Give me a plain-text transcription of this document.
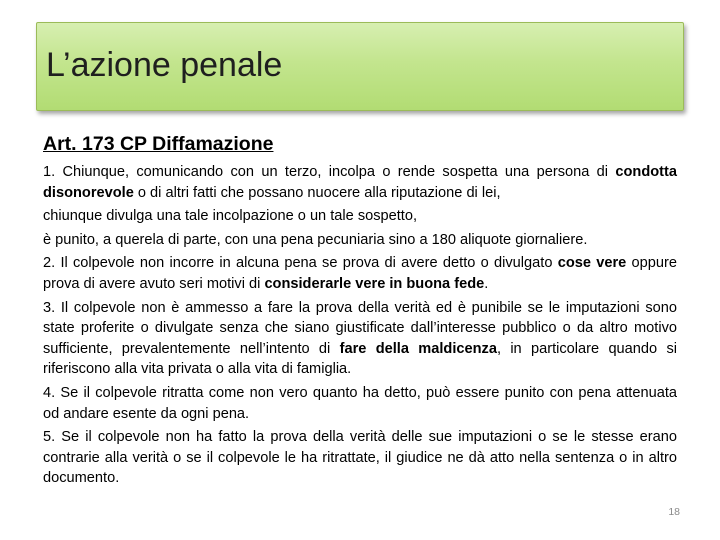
L’azione penale
Art. 173 CP Diffamazione
1. Chiunque, comunicando con un terzo, incolpa o rende sospetta una persona di condotta disonorevole o di altri fatti che possano nuocere alla riputazione di lei,
chiunque divulga una tale incolpazione o un tale sospetto,
è punito, a querela di parte, con una pena pecuniaria sino a 180 aliquote giornaliere.
2. Il colpevole non incorre in alcuna pena se prova di avere detto o divulgato cose vere oppure prova di avere avuto seri motivi di considerarle vere in buona fede.
3. Il colpevole non è ammesso a fare la prova della verità ed è punibile se le imputazioni sono state proferite o divulgate senza che siano giustificate dall’interesse pubblico o da altro motivo sufficiente, prevalentemente nell’intento di fare della maldicenza, in particolare quando si riferiscono alla vita privata o alla vita di famiglia.
4. Se il colpevole ritratta come non vero quanto ha detto, può essere punito con pena attenuata od andare esente da ogni pena.
5. Se il colpevole non ha fatto la prova della verità delle sue imputazioni o se le stesse erano contrarie alla verità o se il colpevole le ha ritrattate, il giudice ne dà atto nella sentenza o in altro documento.
18
